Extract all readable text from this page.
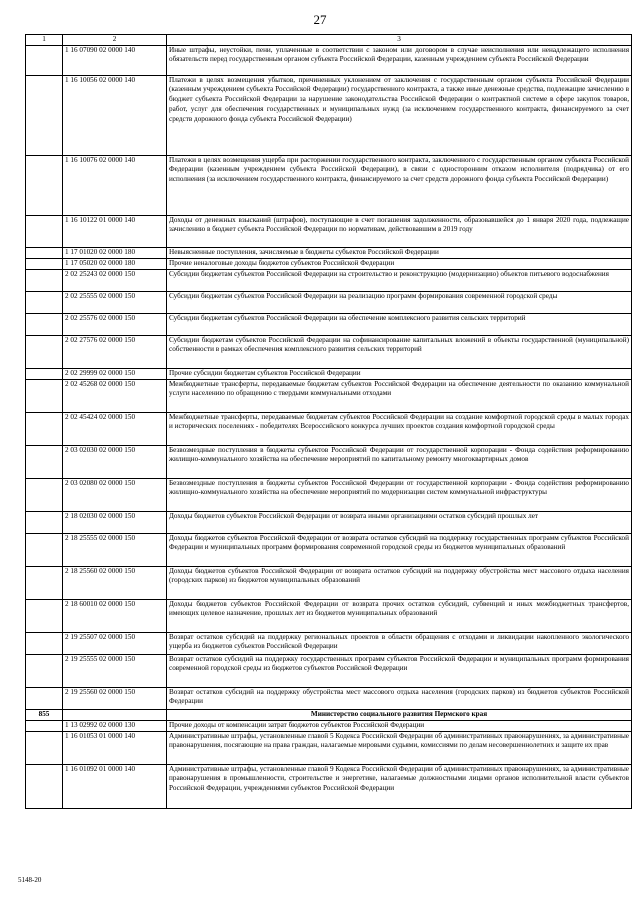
27
1	2	3
	1 16 07090 02 0000 140	Иные штрафы, неустойки, пени, уплаченные в соответствии с законом или договором в случае неисполнения или ненадлежащего исполнения обязательств перед государственным органом субъекта Российской Федерации, казенным учреждением субъекта Российской Федерации
	1 16 10056 02 0000 140	Платежи в целях возмещения убытков, причиненных уклонением от заключения с государственным органом субъекта Российской Федерации (казенным учреждением субъекта Российской Федерации) государственного контракта, а также иные денежные средства, подлежащие зачислению в бюджет субъекта Российской Федерации за нарушение законодательства Российской Федерации о контрактной системе в сфере закупок товаров, работ, услуг для обеспечения государственных и муниципальных нужд (за исключением государственного контракта, финансируемого за счет средств дорожного фонда субъекта Российской Федерации)
	1 16 10076 02 0000 140	Платежи в целях возмещения ущерба при расторжении государственного контракта, заключенного с государственным органом субъекта Российской Федерации (казенным учреждением субъекта Российской Федерации), в связи с односторонним отказом исполнителя (подрядчика) от его исполнения (за исключением государственного контракта, финансируемого за счет средств дорожного фонда субъекта Российской Федерации)
	1 16 10122 01 0000 140	Доходы от денежных взысканий (штрафов), поступающие в счет погашения задолженности, образовавшейся до 1 января 2020 года, подлежащие зачислению в бюджет субъекта Российской Федерации по нормативам, действовавшим в 2019 году
	1 17 01020 02 0000 180	Невыясненные поступления, зачисляемые в бюджеты субъектов Российской Федерации
	1 17 05020 02 0000 180	Прочие неналоговые доходы бюджетов субъектов Российской Федерации
	2 02 25243 02 0000 150	Субсидии бюджетам субъектов Российской Федерации на строительство и реконструкцию (модернизацию) объектов питьевого водоснабжения
	2 02 25555 02 0000 150	Субсидии бюджетам субъектов Российской Федерации на реализацию программ формирования современной городской среды
	2 02 25576 02 0000 150	Субсидии бюджетам субъектов Российской Федерации на обеспечение комплексного развития сельских территорий
	2 02 27576 02 0000 150	Субсидии бюджетам субъектов Российской Федерации на софинансирование капитальных вложений в объекты государственной (муниципальной) собственности в рамках обеспечения комплексного развития сельских территорий
	2 02 29999 02 0000 150	Прочие субсидии бюджетам субъектов Российской Федерации
	2 02 45268 02 0000 150	Межбюджетные трансферты, передаваемые бюджетам субъектов Российской Федерации на обеспечение деятельности по оказанию коммунальной услуги населению по обращению с твердыми коммунальными отходами
	2 02 45424 02 0000 150	Межбюджетные трансферты, передаваемые бюджетам субъектов Российской Федерации на создание комфортной городской среды в малых городах и исторических поселениях - победителях Всероссийского конкурса лучших проектов создания комфортной городской среды
	2 03 02030 02 0000 150	Безвозмездные поступления в бюджеты субъектов Российской Федерации от государственной корпорации - Фонда содействия реформированию жилищно-коммунального хозяйства на обеспечение мероприятий по капитальному ремонту многоквартирных домов
	2 03 02080 02 0000 150	Безвозмездные поступления в бюджеты субъектов Российской Федерации от государственной корпорации - Фонда содействия реформированию жилищно-коммунального хозяйства на обеспечение мероприятий по модернизации систем коммунальной инфраструктуры
	2 18 02030 02 0000 150	Доходы бюджетов субъектов Российской Федерации от возврата иными организациями остатков субсидий прошлых лет
	2 18 25555 02 0000 150	Доходы бюджетов субъектов Российской Федерации от возврата остатков субсидий на поддержку государственных программ субъектов Российской Федерации и муниципальных программ формирования современной городской среды из бюджетов муниципальных образований
	2 18 25560 02 0000 150	Доходы бюджетов субъектов Российской Федерации от возврата остатков субсидий на поддержку обустройства мест массового отдыха населения (городских парков) из бюджетов муниципальных образований
	2 18 60010 02 0000 150	Доходы бюджетов субъектов Российской Федерации от возврата прочих остатков субсидий, субвенций и иных межбюджетных трансфертов, имеющих целевое назначение, прошлых лет из бюджетов муниципальных образований
	2 19 25507 02 0000 150	Возврат остатков субсидий на поддержку региональных проектов в области обращения с отходами и ликвидации накопленного экологического ущерба из бюджетов субъектов Российской Федерации
	2 19 25555 02 0000 150	Возврат остатков субсидий на поддержку государственных программ субъектов Российской Федерации и муниципальных программ формирования современной городской среды из бюджетов субъектов Российской Федерации
	2 19 25560 02 0000 150	Возврат остатков субсидий на поддержку обустройства мест массового отдыха населения (городских парков) из бюджетов субъектов Российской Федерации
855		Министерство социального развития Пермского края
	1 13 02992 02 0000 130	Прочие доходы от компенсации затрат бюджетов субъектов Российской Федерации
	1 16 01053 01 0000 140	Административные штрафы, установленные главой 5 Кодекса Российской Федерации об административных правонарушениях, за административные правонарушения, посягающие на права граждан, налагаемые мировыми судьями, комиссиями по делам несовершеннолетних и защите их прав
	1 16 01092 01 0000 140	Административные штрафы, установленные главой 9 Кодекса Российской Федерации об административных правонарушениях, за административные правонарушения в промышленности, строительстве и энергетике, налагаемые должностными лицами органов исполнительной власти субъектов Российской Федерации, учреждениями субъектов Российской Федерации
5148-20
